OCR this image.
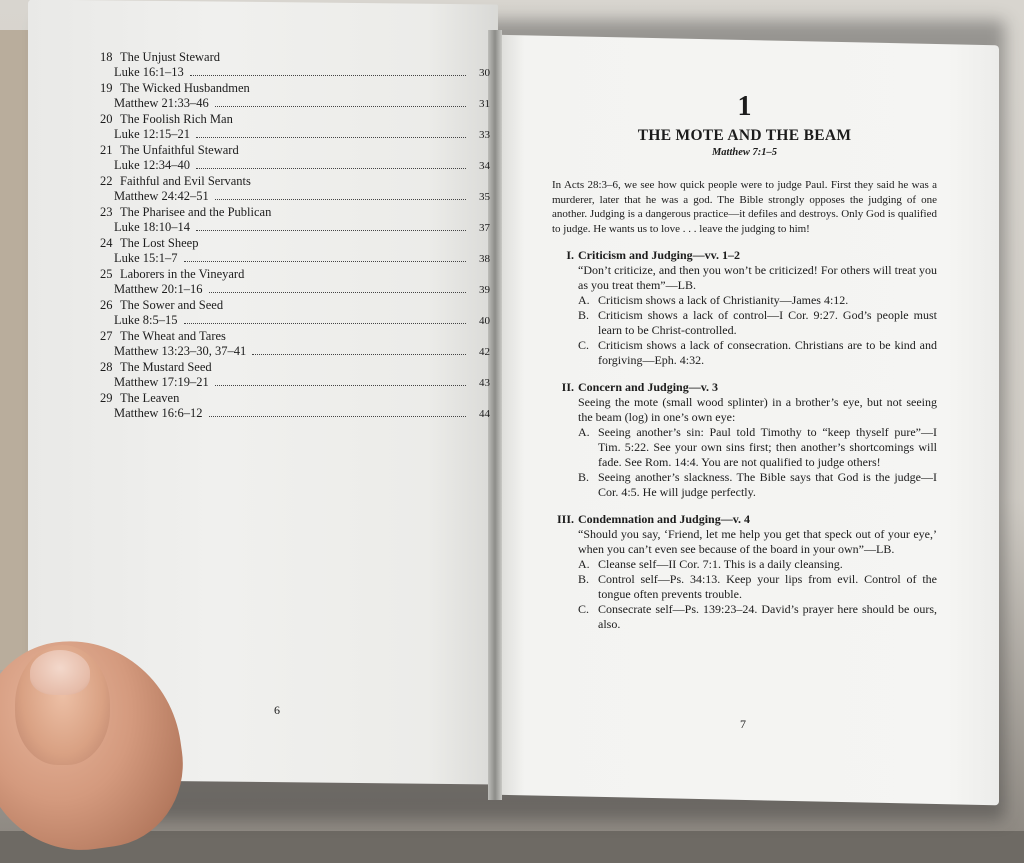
18 The Unjust Steward
Luke 16:1–13	30
19 The Wicked Husbandmen
Matthew 21:33–46	31
20 The Foolish Rich Man
Luke 12:15–21	33
21 The Unfaithful Steward
Luke 12:34–40	34
22 Faithful and Evil Servants
Matthew 24:42–51	35
23 The Pharisee and the Publican
Luke 18:10–14	37
24 The Lost Sheep
Luke 15:1–7	38
25 Laborers in the Vineyard
Matthew 20:1–16	39
26 The Sower and Seed
Luke 8:5–15	40
27 The Wheat and Tares
Matthew 13:23–30, 37–41	42
28 The Mustard Seed
Matthew 17:19–21	43
29 The Leaven
Matthew 16:6–12	44
6
1
THE MOTE AND THE BEAM
Matthew 7:1–5
In Acts 28:3–6, we see how quick people were to judge Paul. First they said he was a murderer, later that he was a god. The Bible strongly opposes the judging of one another. Judging is a dangerous practice—it defiles and destroys. Only God is qualified to judge. He wants us to love . . . leave the judging to him!
I. Criticism and Judging—vv. 1–2
“Don’t criticize, and then you won’t be criticized! For others will treat you as you treat them”—LB.
A. Criticism shows a lack of Christianity—James 4:12.
B. Criticism shows a lack of control—I Cor. 9:27. God’s people must learn to be Christ-controlled.
C. Criticism shows a lack of consecration. Christians are to be kind and forgiving—Eph. 4:32.
II. Concern and Judging—v. 3
Seeing the mote (small wood splinter) in a brother’s eye, but not seeing the beam (log) in one’s own eye:
A. Seeing another’s sin: Paul told Timothy to “keep thyself pure”—I Tim. 5:22. See your own sins first; then another’s shortcomings will fade. See Rom. 14:4. You are not qualified to judge others!
B. Seeing another’s slackness. The Bible says that God is the judge—I Cor. 4:5. He will judge perfectly.
III. Condemnation and Judging—v. 4
“Should you say, ‘Friend, let me help you get that speck out of your eye,’ when you can’t even see because of the board in your own”—LB.
A. Cleanse self—II Cor. 7:1. This is a daily cleansing.
B. Control self—Ps. 34:13. Keep your lips from evil. Control of the tongue often prevents trouble.
C. Consecrate self—Ps. 139:23–24. David’s prayer here should be ours, also.
7
